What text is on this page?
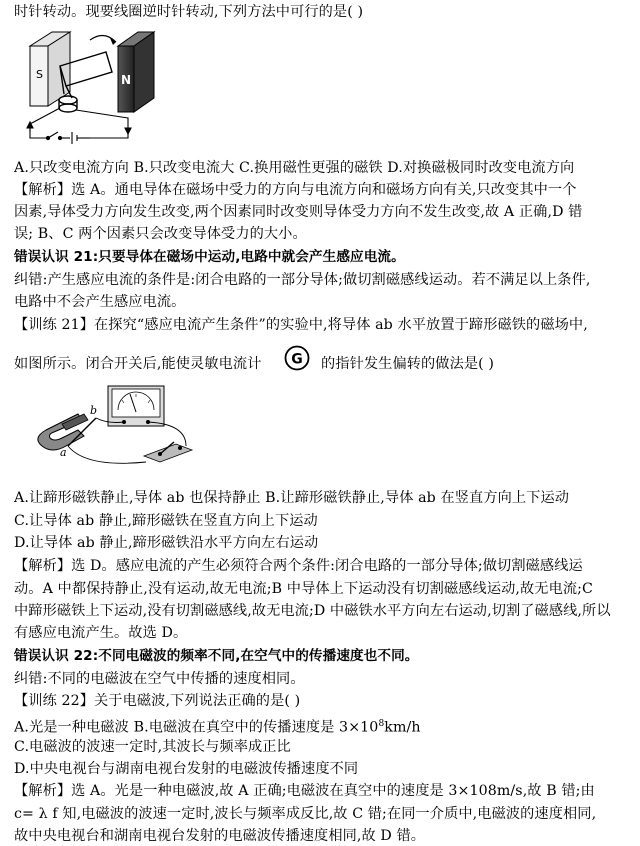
时针转动。现要线圈逆时针转动,下列方法中可行的是( )
S	N
A.只改变电流方向 B.只改变电流大 C.换用磁性更强的磁铁 D.对换磁极同时改变电流方向
【解析】选 A。通电导体在磁场中受力的方向与电流方向和磁场方向有关,只改变其中一个
因素,导体受力方向发生改变,两个因素同时改变则导体受力方向不发生改变,故 A 正确,D 错
误; B、C 两个因素只会改变导体受力的大小。
错误认识 21:只要导体在磁场中运动,电路中就会产生感应电流。
纠错:产生感应电流的条件是:闭合电路的一部分导体;做切割磁感线运动。若不满足以上条件,
电路中不会产生感应电流。
【训练 21】在探究“感应电流产生条件”的实验中,将导体 ab 水平放置于蹄形磁铁的磁场中,
如图所示。闭合开关后,能使灵敏电流计	G 的指针发生偏转的做法是( )
a
b
A.让蹄形磁铁静止,导体 ab 也保持静止 B.让蹄形磁铁静止,导体 ab 在竖直方向上下运动
C.让导体 ab 静止,蹄形磁铁在竖直方向上下运动
D.让导体 ab 静止,蹄形磁铁沿水平方向左右运动
【解析】选 D。感应电流的产生必须符合两个条件:闭合电路的一部分导体;做切割磁感线运
动。A 中都保持静止,没有运动,故无电流;B 中导体上下运动没有切割磁感线运动,故无电流;C
中蹄形磁铁上下运动,没有切割磁感线,故无电流;D 中磁铁水平方向左右运动,切割了磁感线,所以
有感应电流产生。故选 D。
错误认识 22:不同电磁波的频率不同,在空气中的传播速度也不同。
纠错:不同的电磁波在空气中传播的速度相同。
【训练 22】关于电磁波,下列说法正确的是( )
A.光是一种电磁波 B.电磁波在真空中的传播速度是 $3\times 10^8km/h$
C.电磁波的波速一定时,其波长与频率成正比
D.中央电视台与湖南电视台发射的电磁波传播速度不同
【解析】选 A。光是一种电磁波,故 A 正确;电磁波在真空中的速度是 3×108m/s,故 B 错;由
c= λ f 知,电磁波的波速一定时,波长与频率成反比,故 C 错;在同一介质中,电磁波的速度相同,
故中央电视台和湖南电视台发射的电磁波传播速度相同,故 D 错。
